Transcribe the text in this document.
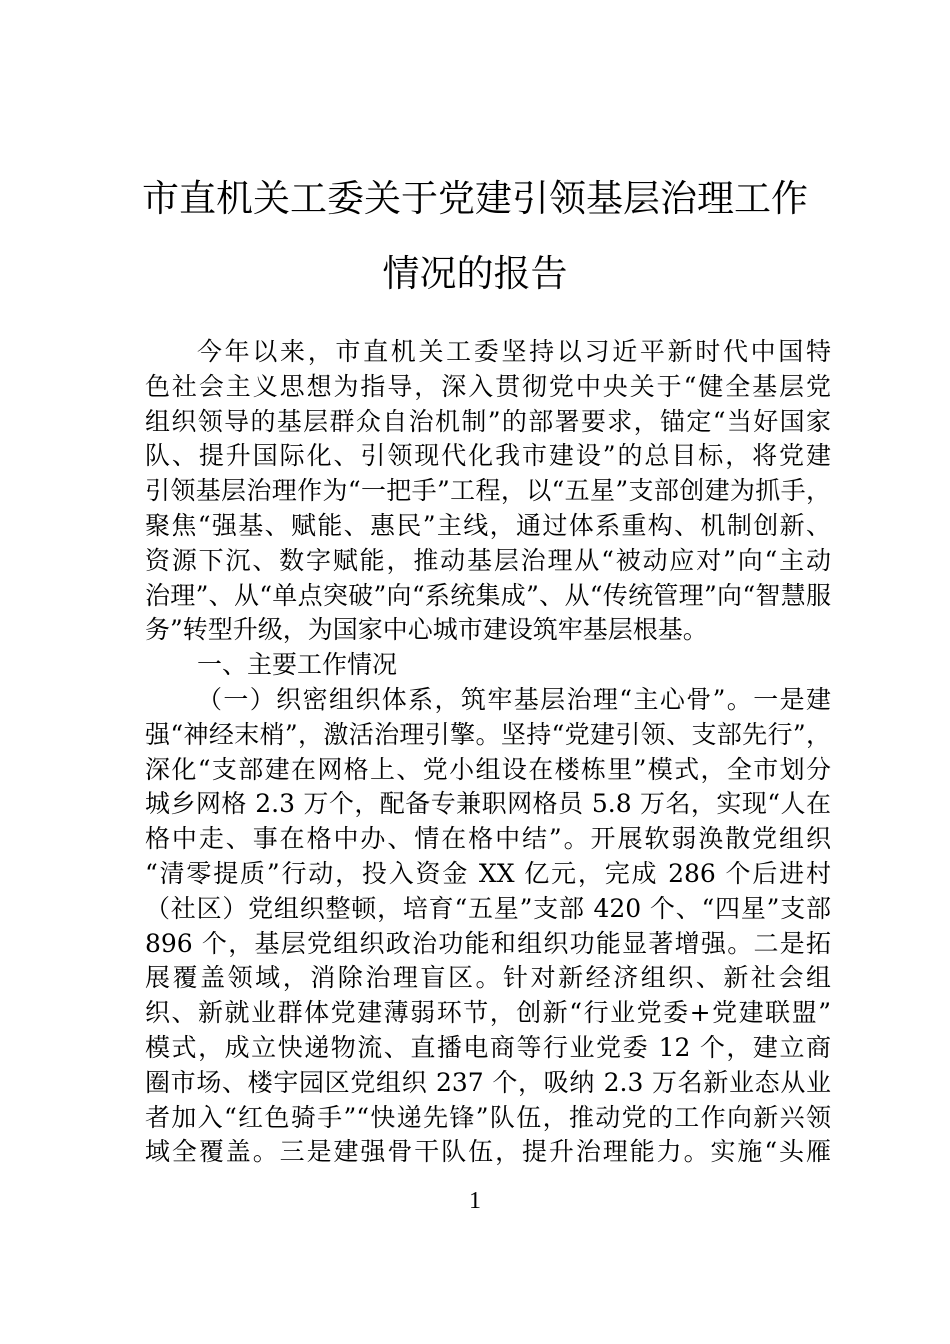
市直机关工委关于党建引领基层治理工作
情况的报告
今年以来，市直机关工委坚持以习近平新时代中国特
色社会主义思想为指导，深入贯彻党中央关于“健全基层党
组织领导的基层群众自治机制”的部署要求，锚定“当好国家
队、提升国际化、引领现代化我市建设”的总目标，将党建
引领基层治理作为“一把手”工程，以“五星”支部创建为抓手，
聚焦“强基、赋能、惠民”主线，通过体系重构、机制创新、
资源下沉、数字赋能，推动基层治理从“被动应对”向“主动
治理”、从“单点突破”向“系统集成”、从“传统管理”向“智慧服
务”转型升级，为国家中心城市建设筑牢基层根基。
一、主要工作情况
（一）织密组织体系，筑牢基层治理“主心骨”。一是建
强“神经末梢”，激活治理引擎。坚持“党建引领、支部先行”，
深化“支部建在网格上、党小组设在楼栋里”模式，全市划分
城乡网格 2.3 万个，配备专兼职网格员 5.8 万名，实现“人在
格中走、事在格中办、情在格中结”。开展软弱涣散党组织
“清零提质”行动，投入资金 XX 亿元，完成 286 个后进村
（社区）党组织整顿，培育“五星”支部 420 个、“四星”支部
896 个，基层党组织政治功能和组织功能显著增强。二是拓
展覆盖领域，消除治理盲区。针对新经济组织、新社会组
织、新就业群体党建薄弱环节，创新“行业党委+党建联盟”
模式，成立快递物流、直播电商等行业党委 12 个，建立商
圈市场、楼宇园区党组织 237 个，吸纳 2.3 万名新业态从业
者加入“红色骑手”“快递先锋”队伍，推动党的工作向新兴领
域全覆盖。三是建强骨干队伍，提升治理能力。实施“头雁
1
